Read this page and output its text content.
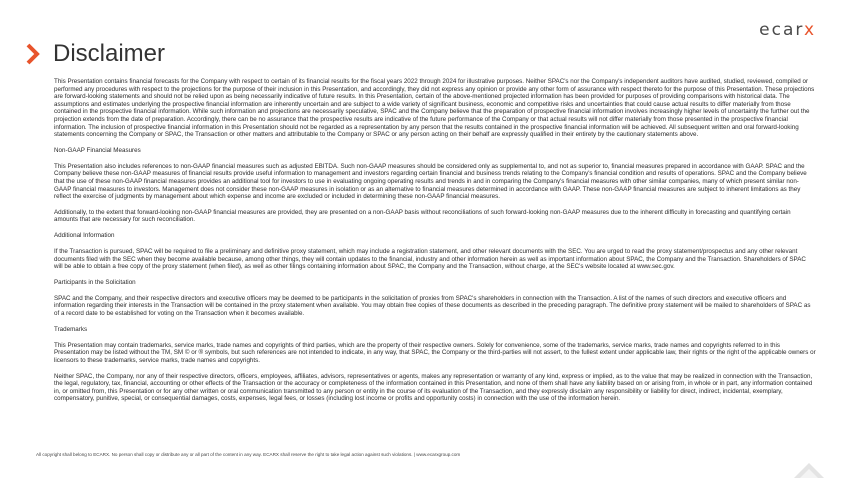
ecarx
Disclaimer

This Presentation contains financial forecasts for the Company with respect to certain of its financial results for the fiscal years 2022 through 2024 for illustrative purposes. Neither SPAC's nor the Company's independent auditors have audited, studied, reviewed, compiled or performed any procedures with respect to the projections for the purpose of their inclusion in this Presentation, and accordingly, they did not express any opinion or provide any other form of assurance with respect thereto for the purpose of this Presentation. These projections are forward-looking statements and should not be relied upon as being necessarily indicative of future results. In this Presentation, certain of the above-mentioned projected information has been provided for purposes of providing comparisons with historical data. The assumptions and estimates underlying the prospective financial information are inherently uncertain and are subject to a wide variety of significant business, economic and competitive risks and uncertainties that could cause actual results to differ materially from those contained in the prospective financial information. While such information and projections are necessarily speculative, SPAC and the Company believe that the preparation of prospective financial information involves increasingly higher levels of uncertainty the further out the projection extends from the date of preparation. Accordingly, there can be no assurance that the prospective results are indicative of the future performance of the Company or that actual results will not differ materially from those presented in the prospective financial information. The inclusion of prospective financial information in this Presentation should not be regarded as a representation by any person that the results contained in the prospective financial information will be achieved. All subsequent written and oral forward-looking statements concerning the Company or SPAC, the Transaction or other matters and attributable to the Company or SPAC or any person acting on their behalf are expressly qualified in their entirety by the cautionary statements above.

Non-GAAP Financial Measures

This Presentation also includes references to non-GAAP financial measures such as adjusted EBITDA. Such non-GAAP measures should be considered only as supplemental to, and not as superior to, financial measures prepared in accordance with GAAP. SPAC and the Company believe these non-GAAP measures of financial results provide useful information to management and investors regarding certain financial and business trends relating to the Company's financial condition and results of operations. SPAC and the Company believe that the use of these non-GAAP financial measures provides an additional tool for investors to use in evaluating ongoing operating results and trends in and in comparing the Company's financial measures with other similar companies, many of which present similar non-GAAP financial measures to investors. Management does not consider these non-GAAP measures in isolation or as an alternative to financial measures determined in accordance with GAAP. These non-GAAP financial measures are subject to inherent limitations as they reflect the exercise of judgments by management about which expense and income are excluded or included in determining these non-GAAP financial measures.

Additionally, to the extent that forward-looking non-GAAP financial measures are provided, they are presented on a non-GAAP basis without reconciliations of such forward-looking non-GAAP measures due to the inherent difficulty in forecasting and quantifying certain amounts that are necessary for such reconciliation.

Additional Information

If the Transaction is pursued, SPAC will be required to file a preliminary and definitive proxy statement, which may include a registration statement, and other relevant documents with the SEC. You are urged to read the proxy statement/prospectus and any other relevant documents filed with the SEC when they become available because, among other things, they will contain updates to the financial, industry and other information herein as well as important information about SPAC, the Company and the Transaction. Shareholders of SPAC will be able to obtain a free copy of the proxy statement (when filed), as well as other filings containing information about SPAC, the Company and the Transaction, without charge, at the SEC's website located at www.sec.gov.

Participants in the Solicitation

SPAC and the Company, and their respective directors and executive officers may be deemed to be participants in the solicitation of proxies from SPAC's shareholders in connection with the Transaction. A list of the names of such directors and executive officers and information regarding their interests in the Transaction will be contained in the proxy statement when available. You may obtain free copies of these documents as described in the preceding paragraph. The definitive proxy statement will be mailed to shareholders of SPAC as of a record date to be established for voting on the Transaction when it becomes available.

Trademarks

This Presentation may contain trademarks, service marks, trade names and copyrights of third parties, which are the property of their respective owners. Solely for convenience, some of the trademarks, service marks, trade names and copyrights referred to in this Presentation may be listed without the TM, SM © or ® symbols, but such references are not intended to indicate, in any way, that SPAC, the Company or the third-parties will not assert, to the fullest extent under applicable law, their rights or the right of the applicable owners or licensors to these trademarks, service marks, trade names and copyrights.

Neither SPAC, the Company, nor any of their respective directors, officers, employees, affiliates, advisors, representatives or agents, makes any representation or warranty of any kind, express or implied, as to the value that may be realized in connection with the Transaction, the legal, regulatory, tax, financial, accounting or other effects of the Transaction or the accuracy or completeness of the information contained in this Presentation, and none of them shall have any liability based on or arising from, in whole or in part, any information contained in, or omitted from, this Presentation or for any other written or oral communication transmitted to any person or entity in the course of its evaluation of the Transaction, and they expressly disclaim any responsibility or liability for direct, indirect, incidental, exemplary, compensatory, punitive, special, or consequential damages, costs, expenses, legal fees, or losses (including lost income or profits and opportunity costs) in connection with the use of the information herein.

All copyright shall belong to ECARX. No person shall copy or distribute any or all part of the content in any way. ECARX shall reserve the right to take legal action against such violations. | www.ecarxgroup.com
